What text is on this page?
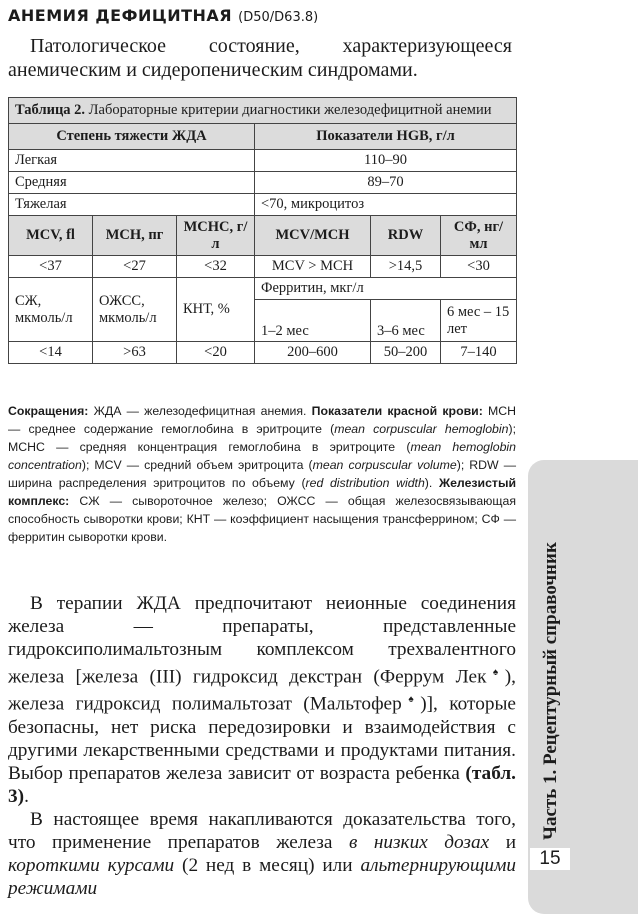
АНЕМИЯ ДЕФИЦИТНАЯ (D50/D63.8)
Патологическое состояние, характеризующееся анемическим и сидеропеническим синдромами.
Таблица 2. Лабораторные критерии диагностики железодефицитной анемии					
Степень тяжести ЖДА			Показатели HGB, г/л		
Легкая			110–90		
Средняя			89–70		
Тяжелая			<70, микроцитоз		
MCV, fl	MCH, пг	MCHC, г/л	MCV/MCH	RDW	СФ, нг/мл
<37	<27	<32	MCV > MCH	>14,5	<30
СЖ, мкмоль/л	ОЖСС, мкмоль/л	КНТ, %	Ферритин, мкг/л		
			1–2 мес	3–6 мес	6 мес – 15 лет
<14	>63	<20	200–600	50–200	7–140
Сокращения: ЖДА — железодефицитная анемия. Показатели красной крови: MCH — среднее содержание гемоглобина в эритроците (mean corpuscular hemoglobin); MCHC — средняя концентрация гемоглобина в эритроците (mean hemoglobin concentration); MCV — средний объем эритроцита (mean corpuscular volume); RDW — ширина распределения эритроцитов по объему (red distribution width). Железистый комплекс: СЖ — сывороточное железо; ОЖСС — общая железосвязывающая способность сыворотки крови; КНТ — коэффициент насыщения трансферрином; СФ — ферритин сыворотки крови.

В терапии ЖДА предпочитают неионные соединения железа — препараты, представленные гидроксиполимальтозным комплексом трехвалентного железа [железа (III) гидроксид декстран (Феррум Лек♠), железа гидроксид полимальтозат (Мальтофер♠)], которые безопасны, нет риска передозировки и взаимодействия с другими лекарственными средствами и продуктами питания. Выбор препаратов железа зависит от возраста ребенка (табл. 3).

В настоящее время накапливаются доказательства того, что применение препаратов железа в низких дозах и короткими курсами (2 нед в месяц) или альтернирующими режимами

Часть 1. Рецептурный справочник
15
